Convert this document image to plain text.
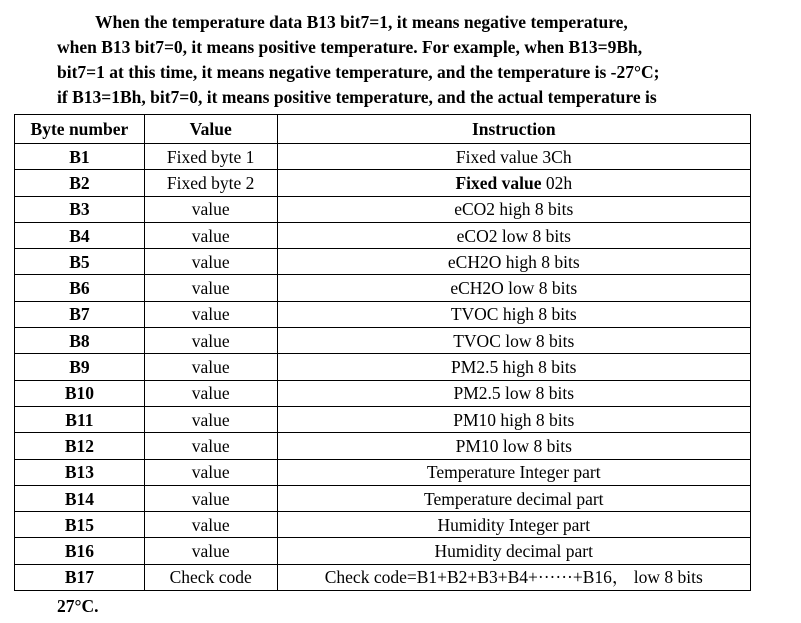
When the temperature data B13 bit7=1, it means negative temperature,
when B13 bit7=0, it means positive temperature. For example, when B13=9Bh,
bit7=1 at this time, it means negative temperature, and the temperature is -27°C;
if B13=1Bh, bit7=0, it means positive temperature, and the actual temperature is
Byte number	Value	Instruction
B1	Fixed byte 1	Fixed value 3Ch
B2	Fixed byte 2	Fixed value 02h
B3	value	eCO2 high 8 bits
B4	value	eCO2 low 8 bits
B5	value	eCH2O high 8 bits
B6	value	eCH2O low 8 bits
B7	value	TVOC high 8 bits
B8	value	TVOC low 8 bits
B9	value	PM2.5 high 8 bits
B10	value	PM2.5 low 8 bits
B11	value	PM10 high 8 bits
B12	value	PM10 low 8 bits
B13	value	Temperature Integer part
B14	value	Temperature decimal part
B15	value	Humidity Integer part
B16	value	Humidity decimal part
B17	Check code	Check code=B1+B2+B3+B4+······+B16， low 8 bits
27°C.
